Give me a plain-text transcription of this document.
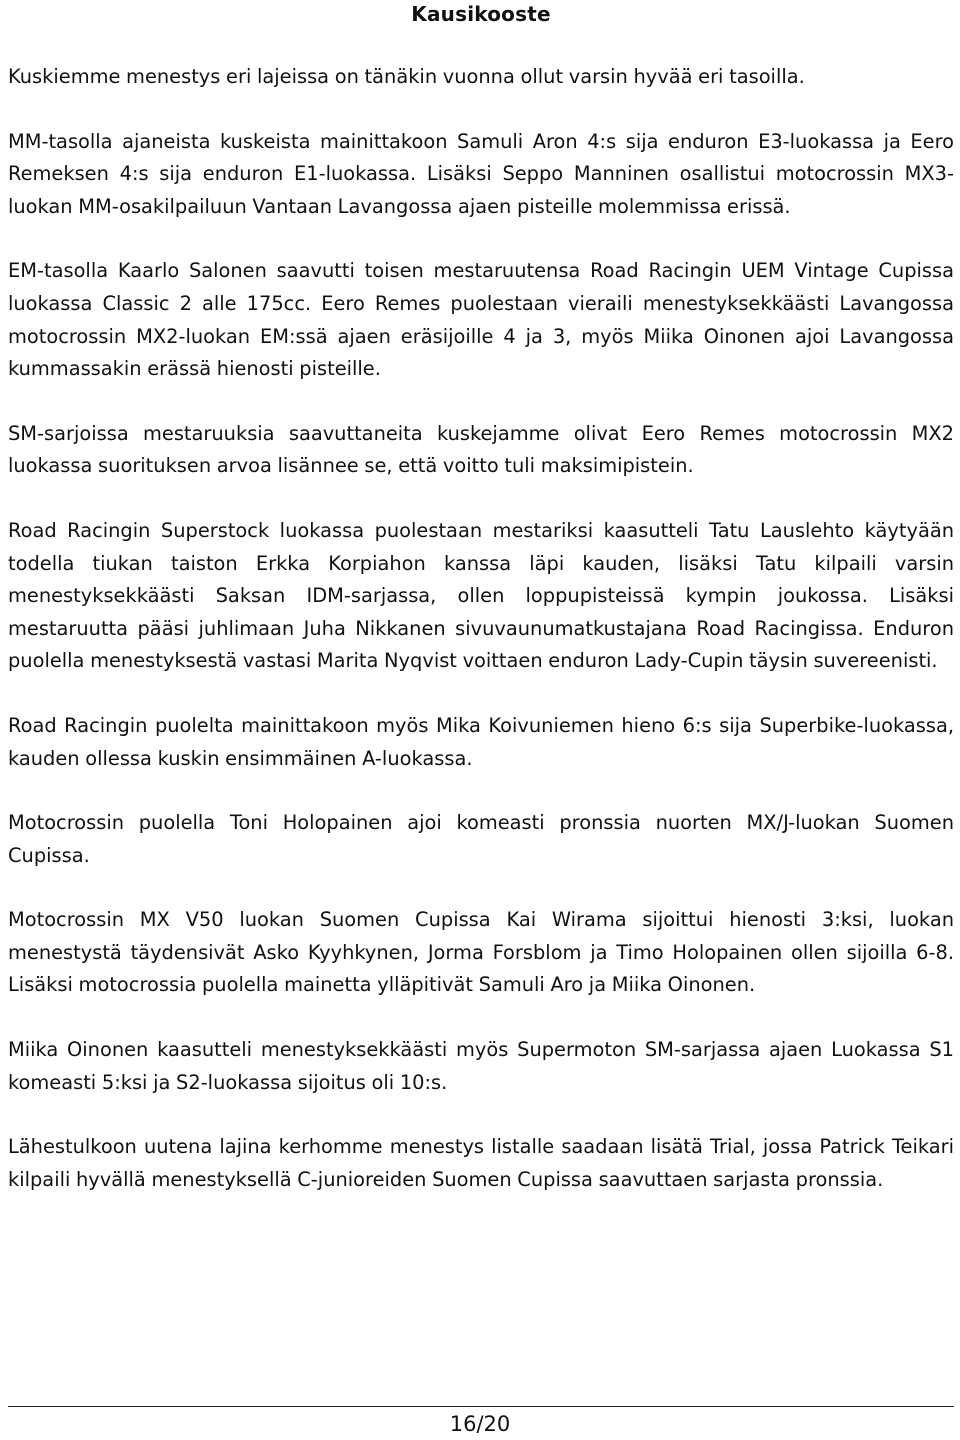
Kausikooste

Kuskiemme menestys eri lajeissa on tänäkin vuonna ollut varsin hyvää eri tasoilla.

MM-tasolla ajaneista kuskeista mainittakoon Samuli Aron 4:s sija enduron E3-luokassa ja Eero Remeksen 4:s sija enduron E1-luokassa. Lisäksi Seppo Manninen osallistui motocrossin MX3-luokan MM-osakilpailuun Vantaan Lavangossa ajaen pisteille molemmissa erissä.

EM-tasolla Kaarlo Salonen saavutti toisen mestaruutensa Road Racingin UEM Vintage Cupissa luokassa Classic 2 alle 175cc. Eero Remes puolestaan vieraili menestyksekkäästi Lavangossa motocrossin MX2-luokan EM:ssä ajaen eräsijoille 4 ja 3, myös Miika Oinonen ajoi Lavangossa kummassakin erässä hienosti pisteille.

SM-sarjoissa mestaruuksia saavuttaneita kuskejamme olivat Eero Remes motocrossin MX2 luokassa suorituksen arvoa lisännee se, että voitto tuli maksimipistein.

Road Racingin Superstock luokassa puolestaan mestariksi kaasutteli Tatu Lauslehto käytyään todella tiukan taiston Erkka Korpiahon kanssa läpi kauden, lisäksi Tatu kilpaili varsin menestyksekkäästi Saksan IDM-sarjassa, ollen loppupisteissä kympin joukossa. Lisäksi mestaruutta pääsi juhlimaan Juha Nikkanen sivuvaunumatkustajana Road Racingissa. Enduron puolella menestyksestä vastasi Marita Nyqvist voittaen enduron Lady-Cupin täysin suvereenisti.

Road Racingin puolelta mainittakoon myös Mika Koivuniemen hieno 6:s sija Superbike-luokassa, kauden ollessa kuskin ensimmäinen A-luokassa.

Motocrossin puolella Toni Holopainen ajoi komeasti pronssia nuorten MX/J-luokan Suomen Cupissa.

Motocrossin MX V50 luokan Suomen Cupissa Kai Wirama sijoittui hienosti 3:ksi, luokan menestystä täydensivät Asko Kyyhkynen, Jorma Forsblom ja Timo Holopainen ollen sijoilla 6-8. Lisäksi motocrossia puolella mainetta ylläpitivät Samuli Aro ja Miika Oinonen.

Miika Oinonen kaasutteli menestyksekkäästi myös Supermoton SM-sarjassa ajaen Luokassa S1 komeasti 5:ksi ja S2-luokassa sijoitus oli 10:s.

Lähestulkoon uutena lajina kerhomme menestys listalle saadaan lisätä Trial, jossa Patrick Teikari kilpaili hyvällä menestyksellä C-junioreiden Suomen Cupissa saavuttaen sarjasta pronssia.

16/20
